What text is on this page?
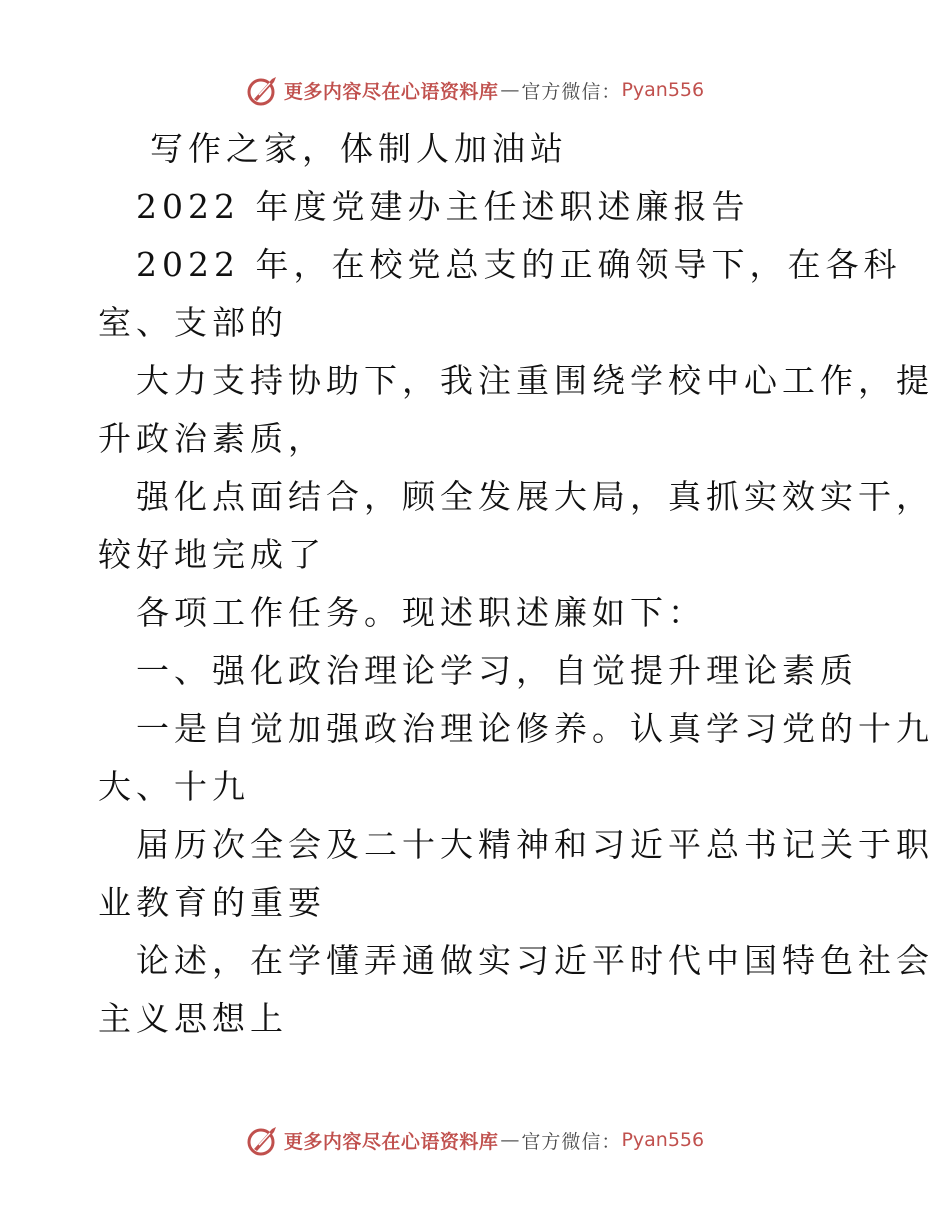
更多内容尽在心语资料库 — 官方微信： Pyan556
写作之家，体制人加油站
2022 年度党建办主任述职述廉报告
2022 年，在校党总支的正确领导下，在各科
室、支部的
大力支持协助下，我注重围绕学校中心工作，提
升政治素质，
强化点面结合，顾全发展大局，真抓实效实干，
较好地完成了
各项工作任务。现述职述廉如下：
一、强化政治理论学习，自觉提升理论素质
一是自觉加强政治理论修养。认真学习党的十九
大、十九
届历次全会及二十大精神和习近平总书记关于职
业教育的重要
论述，在学懂弄通做实习近平时代中国特色社会
主义思想上
更多内容尽在心语资料库 — 官方微信： Pyan556
